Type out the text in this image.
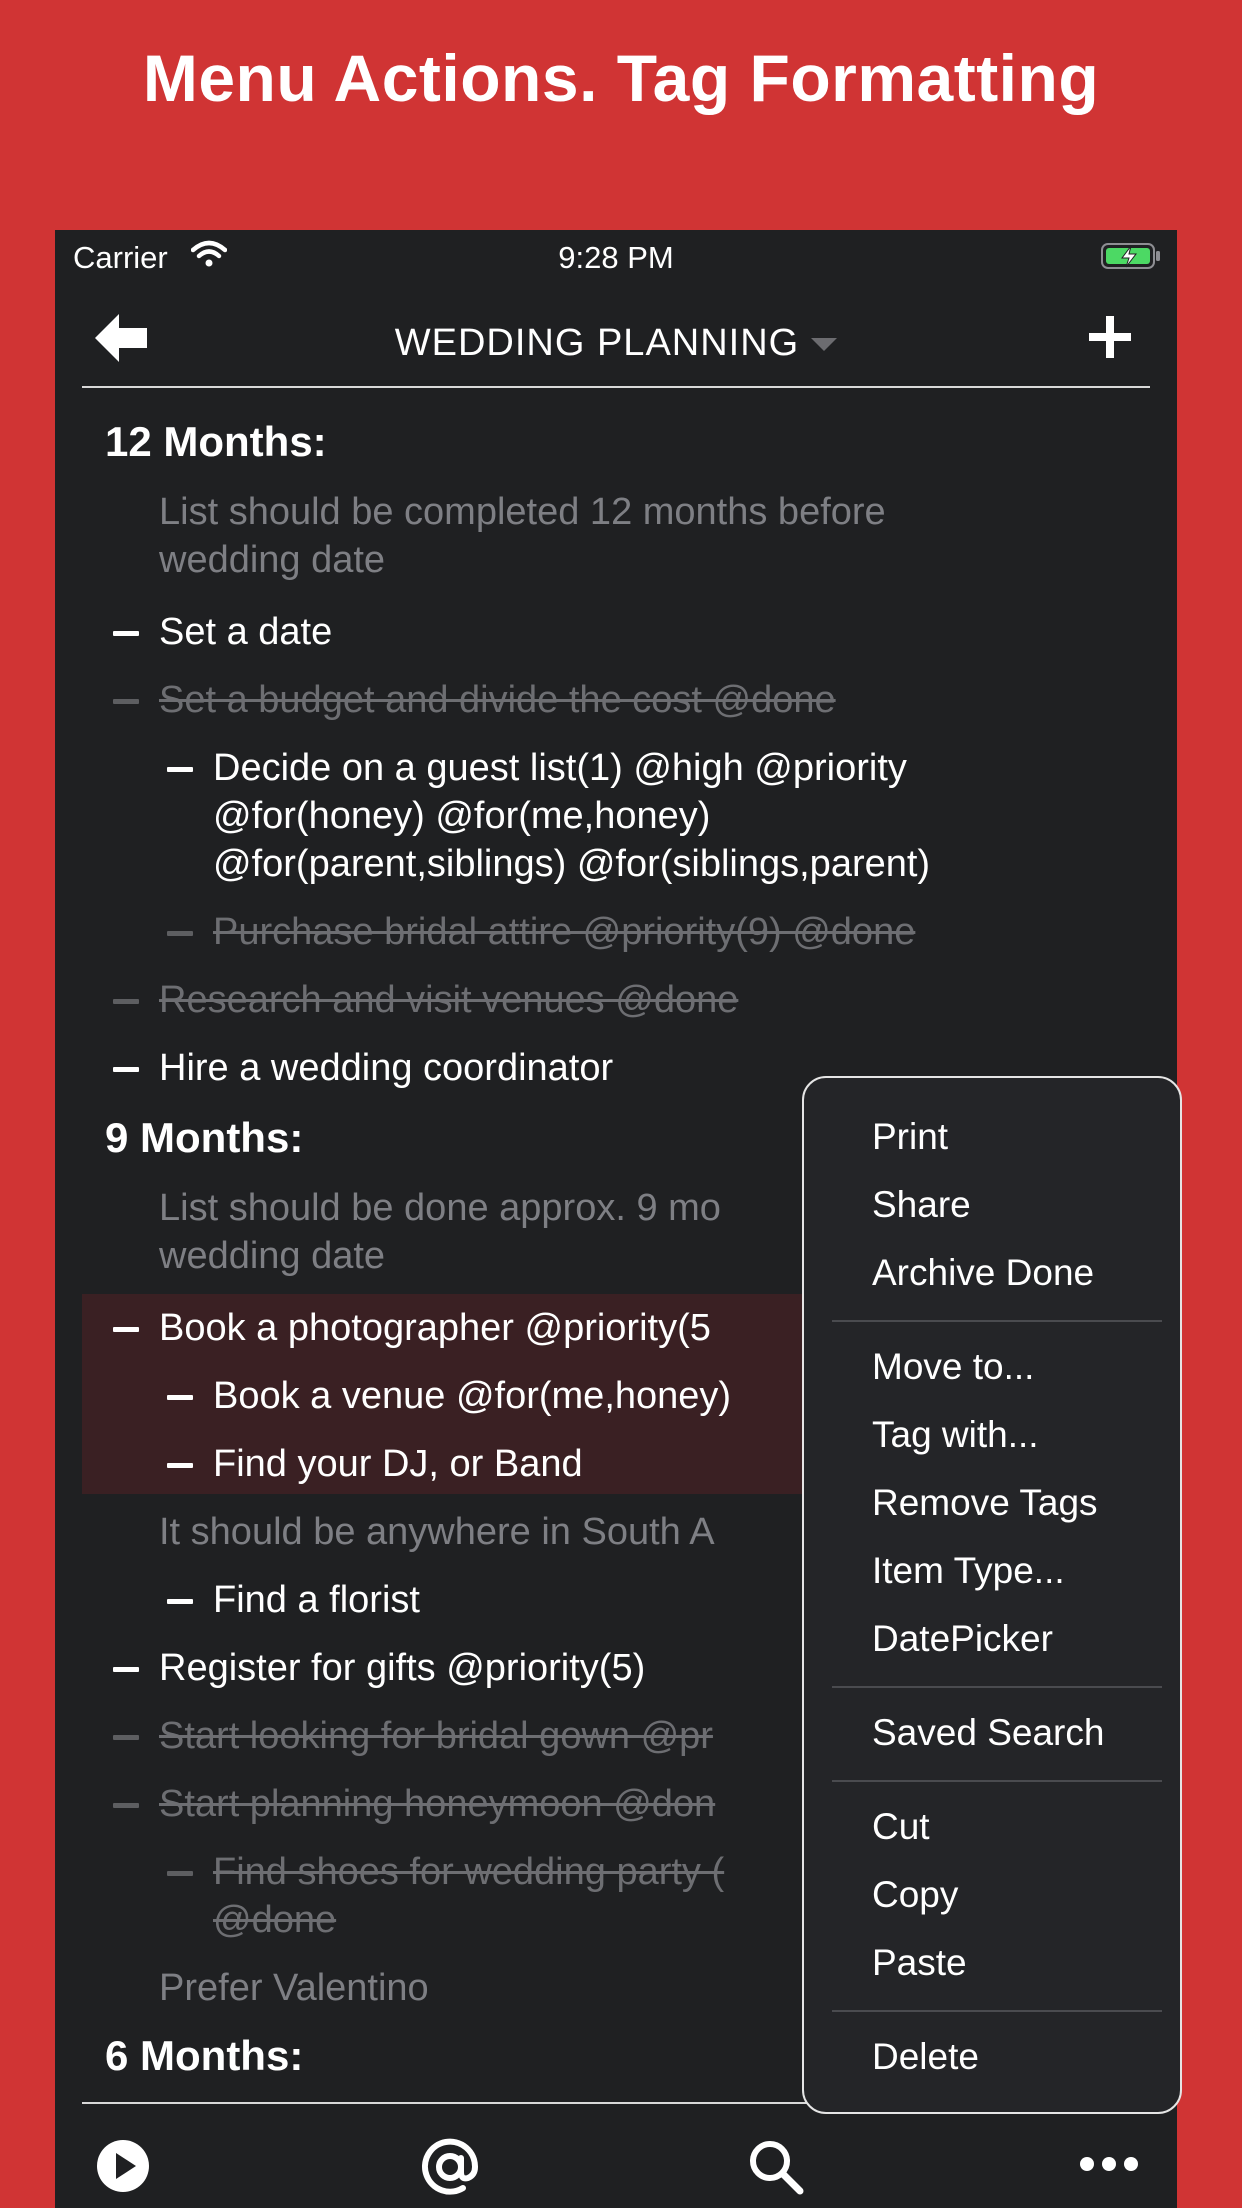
Menu Actions. Tag Formatting
Carrier	9:28 PM
WEDDING PLANNING
12 Months:
List should be completed 12 months before
wedding date
Set a date
Set a budget and divide the cost @done
Decide on a guest list(1) @high @priority
@for(honey) @for(me,honey)
@for(parent,siblings) @for(siblings,parent)
Purchase bridal attire @priority(9) @done
Research and visit venues @done
Hire a wedding coordinator
9 Months:
List should be done approx. 9 mo
wedding date
Book a photographer @priority(5
Book a venue @for(me,honey)
Find your DJ, or Band
It should be anywhere in South A
Find a florist
Register for gifts @priority(5)
Start looking for bridal gown @pr
Start planning honeymoon @don
Find shoes for wedding party (
@done
Prefer Valentino
6 Months:
Print
Share
Archive Done
Move to...
Tag with...
Remove Tags
Item Type...
DatePicker
Saved Search
Cut
Copy
Paste
Delete
